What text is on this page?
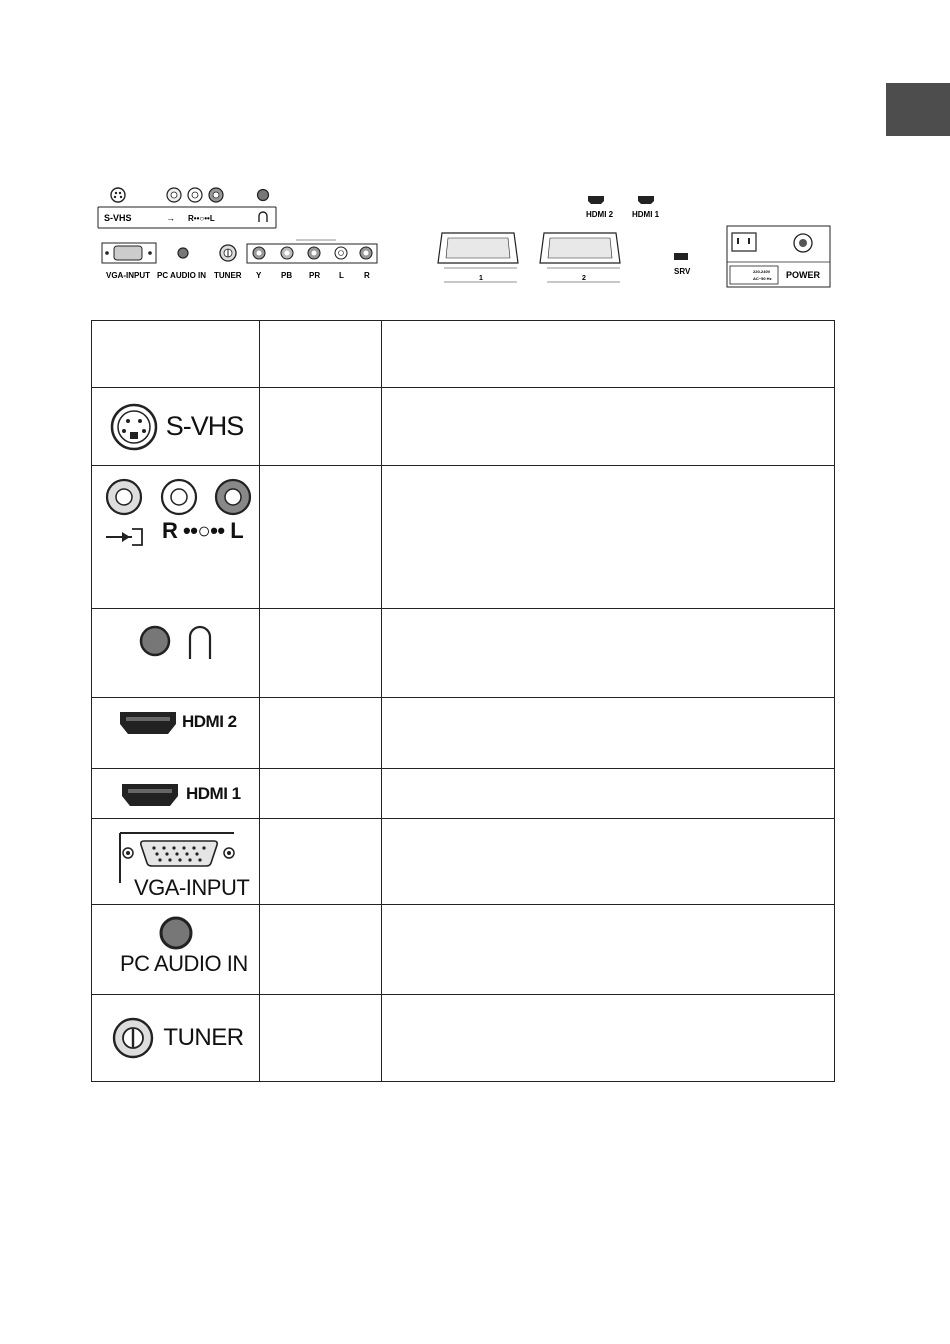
S-VHS	→ R••○••L
VGA-INPUT PC AUDIO IN TUNER Y PB PR L	R	1	2
HDMI 2 HDMI 1
SRV	220-240V
AC~50 Hz POWER

S-VHS		

R ••○•• L		

HDMI 2		

HDMI 1		

VGA-INPUT		

PC AUDIO IN		

TUNER		
